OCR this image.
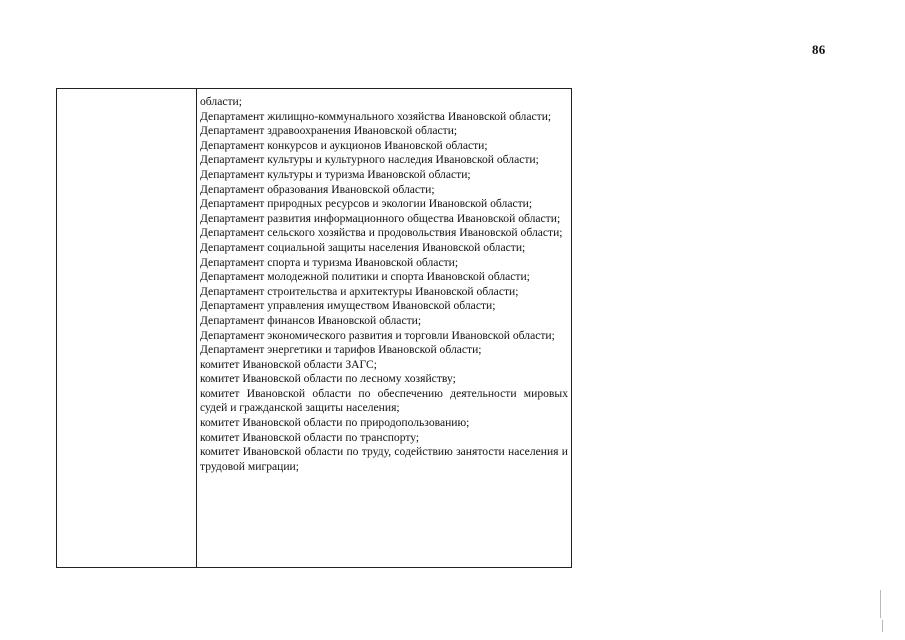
86

области;

Департамент жилищно-коммунального хозяйства Ивановской области;

Департамент здравоохранения Ивановской области;

Департамент конкурсов и аукционов Ивановской области;

Департамент культуры и культурного наследия Ивановской области;

Департамент культуры и туризма Ивановской области;

Департамент образования Ивановской области;

Департамент природных ресурсов и экологии Ивановской области;

Департамент развития информационного общества Ивановской области;

Департамент сельского хозяйства и продовольствия Ивановской области;

Департамент социальной защиты населения Ивановской области;

Департамент спорта и туризма Ивановской области;

Департамент молодежной политики и спорта Ивановской области;

Департамент строительства и архитектуры Ивановской области;

Департамент управления имуществом Ивановской области;

Департамент финансов Ивановской области;

Департамент экономического развития и торговли Ивановской области;

Департамент энергетики и тарифов Ивановской области;

комитет Ивановской области ЗАГС;

комитет Ивановской области по лесному хозяйству;

комитет Ивановской области по обеспечению деятельности мировых судей и гражданской защиты населения;

комитет Ивановской области по природопользованию;

комитет Ивановской области по транспорту;

комитет Ивановской области по труду, содействию занятости населения и трудовой миграции;
